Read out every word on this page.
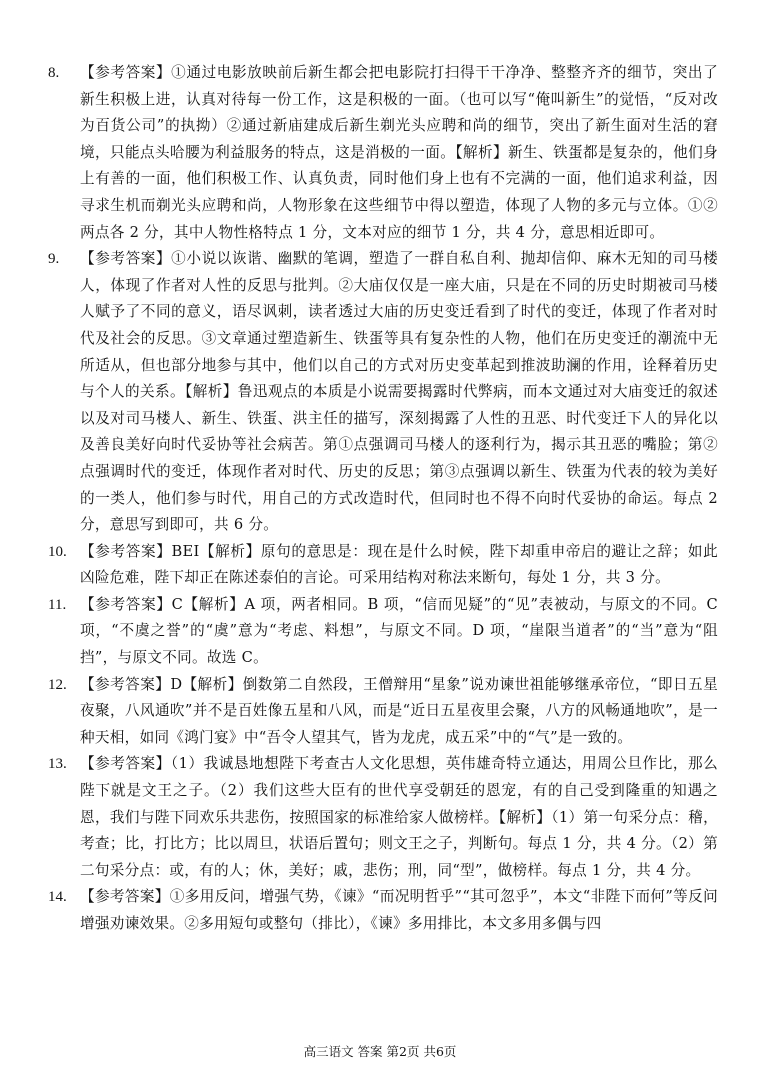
8.	【参考答案】①通过电影放映前后新生都会把电影院打扫得干干净净、整整齐齐的细节，突出了新生积极上进，认真对待每一份工作，这是积极的一面。（也可以写“俺叫新生”的觉悟，“反对改为百货公司”的执拗）②通过新庙建成后新生剃光头应聘和尚的细节，突出了新生面对生活的窘境，只能点头哈腰为利益服务的特点，这是消极的一面。【解析】新生、铁蛋都是复杂的，他们身上有善的一面，他们积极工作、认真负责，同时他们身上也有不完满的一面，他们追求利益，因寻求生机而剃光头应聘和尚，人物形象在这些细节中得以塑造，体现了人物的多元与立体。①②两点各 2 分，其中人物性格特点 1 分，文本对应的细节 1 分，共 4 分，意思相近即可。
9.	【参考答案】①小说以诙谐、幽默的笔调，塑造了一群自私自利、抛却信仰、麻木无知的司马楼人，体现了作者对人性的反思与批判。②大庙仅仅是一座大庙，只是在不同的历史时期被司马楼人赋予了不同的意义，语尽讽刺，读者透过大庙的历史变迁看到了时代的变迁，体现了作者对时代及社会的反思。③文章通过塑造新生、铁蛋等具有复杂性的人物，他们在历史变迁的潮流中无所适从，但也部分地参与其中，他们以自己的方式对历史变革起到推波助澜的作用，诠释着历史与个人的关系。【解析】鲁迅观点的本质是小说需要揭露时代弊病，而本文通过对大庙变迁的叙述以及对司马楼人、新生、铁蛋、洪主任的描写，深刻揭露了人性的丑恶、时代变迁下人的异化以及善良美好向时代妥协等社会病苦。第①点强调司马楼人的逐利行为，揭示其丑恶的嘴脸；第②点强调时代的变迁，体现作者对时代、历史的反思；第③点强调以新生、铁蛋为代表的较为美好的一类人，他们参与时代，用自己的方式改造时代，但同时也不得不向时代妥协的命运。每点 2 分，意思写到即可，共 6 分。
10. 【参考答案】BEI【解析】原句的意思是：现在是什么时候，陛下却重申帝启的避让之辞；如此凶险危难，陛下却正在陈述泰伯的言论。可采用结构对称法来断句，每处 1 分，共 3 分。
11. 【参考答案】C【解析】A 项，两者相同。B 项，“信而见疑”的“见”表被动，与原文的不同。C 项，“不虞之誉”的“虞”意为“考虑、料想”，与原文不同。D 项，“崖限当道者”的“当”意为“阻挡”，与原文不同。故选 C。
12. 【参考答案】D【解析】倒数第二自然段，王僧辩用“星象”说劝谏世祖能够继承帝位，“即日五星夜聚，八风通吹”并不是百姓像五星和八风，而是“近日五星夜里会聚，八方的风畅通地吹”，是一种天相，如同《鸿门宴》中“吾令人望其气，皆为龙虎，成五采”中的“气”是一致的。
13. 【参考答案】（1）我诚恳地想陛下考查古人文化思想，英伟雄奇特立通达，用周公旦作比，那么陛下就是文王之子。（2）我们这些大臣有的世代享受朝廷的恩宠，有的自己受到隆重的知遇之恩，我们与陛下同欢乐共悲伤，按照国家的标准给家人做榜样。【解析】（1）第一句采分点：稽，考查；比，打比方；比以周旦，状语后置句；则文王之子，判断句。每点 1 分，共 4 分。（2）第二句采分点：或，有的人；休，美好；戚，悲伤；刑，同“型”，做榜样。每点 1 分，共 4 分。
14. 【参考答案】①多用反问，增强气势，《谏》“而况明哲乎”“其可忽乎”，本文“非陛下而何”等反问增强劝谏效果。②多用短句或整句（排比），《谏》多用排比，本文多用多偶与四
高三语文 答案 第2页 共6页
